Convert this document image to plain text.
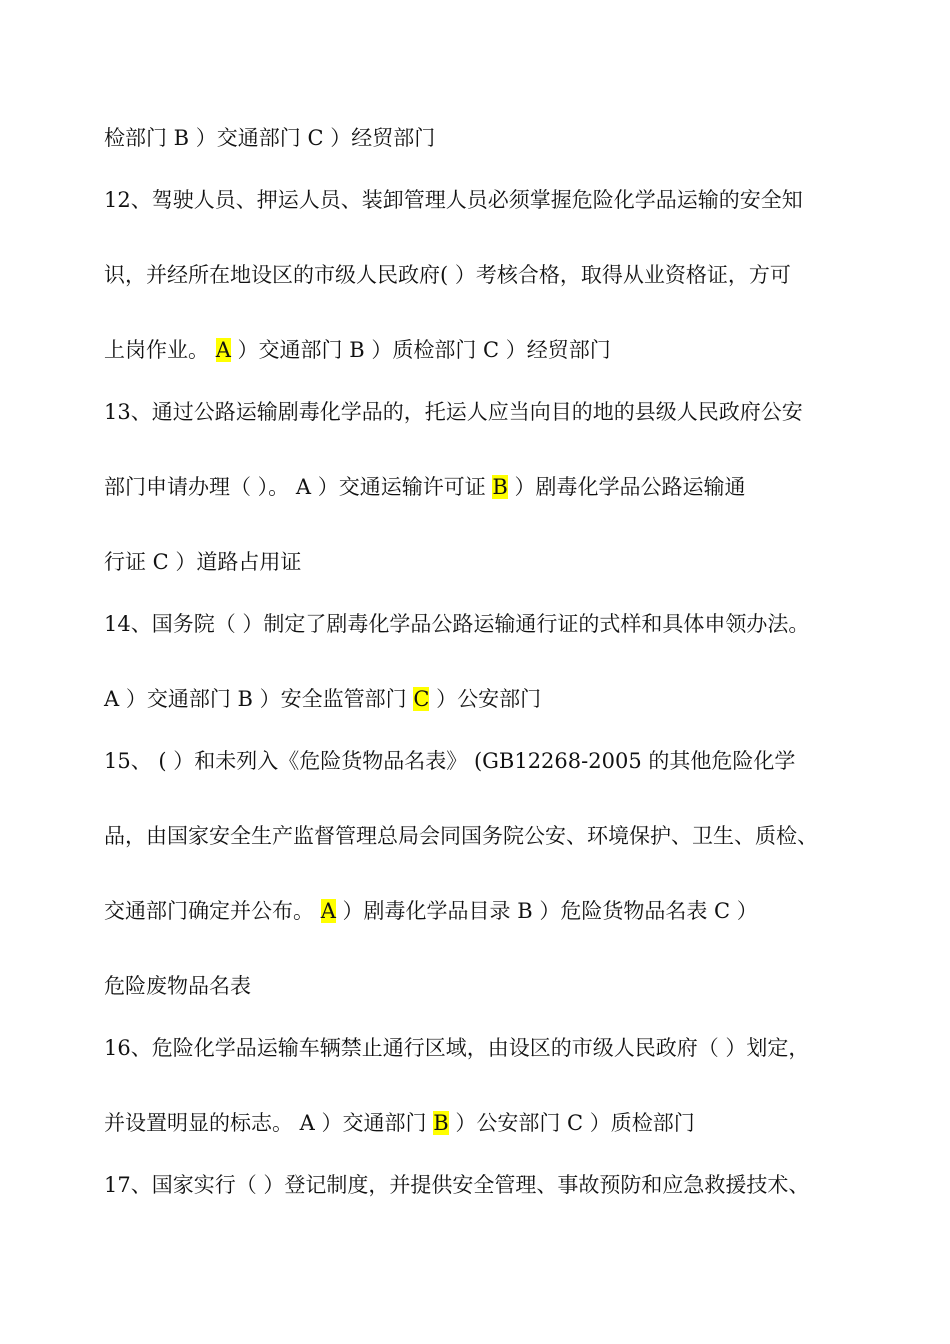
检部门 B ）交通部门 C ）经贸部门
12、驾驶人员、押运人员、装卸管理人员必须掌握危险化学品运输的安全知
识，并经所在地设区的市级人民政府( ）考核合格，取得从业资格证，方可
上岗作业。 A ）交通部门 B ）质检部门 C ）经贸部门
13、通过公路运输剧毒化学品的，托运人应当向目的地的县级人民政府公安
部门申请办理（ ）。 A ）交通运输许可证 B ）剧毒化学品公路运输通
行证 C ）道路占用证
14、国务院（ ）制定了剧毒化学品公路运输通行证的式样和具体申领办法。
A ）交通部门 B ）安全监管部门 C ）公安部门
15、 ( ）和未列入《危险货物品名表》 (GB12268-2005 的其他危险化学
品，由国家安全生产监督管理总局会同国务院公安、环境保护、卫生、质检、
交通部门确定并公布。 A ）剧毒化学品目录 B ）危险货物品名表 C ）
危险废物品名表
16、危险化学品运输车辆禁止通行区域，由设区的市级人民政府（ ）划定，
并设置明显的标志。 A ）交通部门 B ）公安部门 C ）质检部门
17、国家实行（ ）登记制度，并提供安全管理、事故预防和应急救援技术、
